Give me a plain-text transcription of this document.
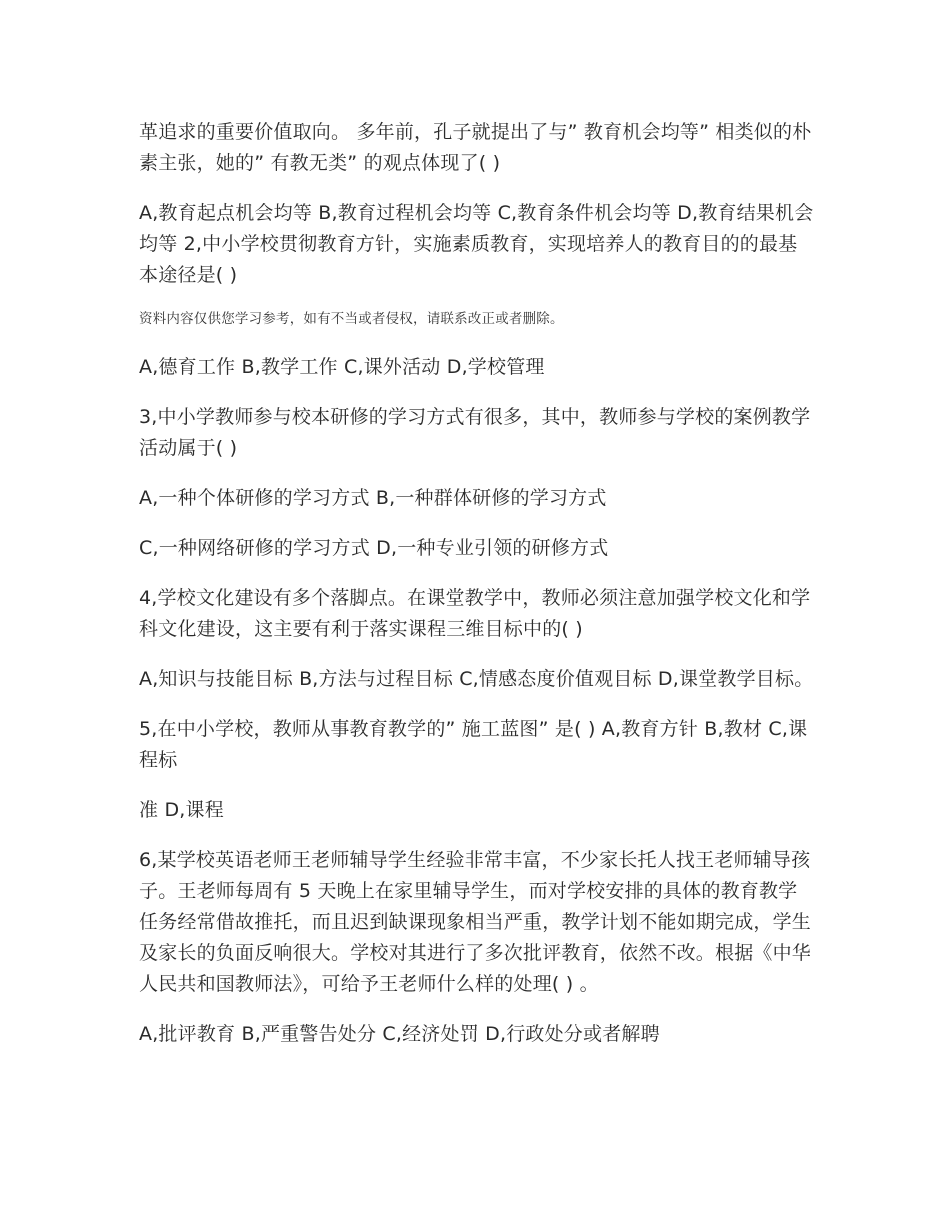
革追求的重要价值取向。 多年前，孔子就提出了与” 教育机会均等” 相类似的朴素主张，她的” 有教无类” 的观点体现了( )

A,教育起点机会均等 B,教育过程机会均等 C,教育条件机会均等 D,教育结果机会均等 2,中小学校贯彻教育方针，实施素质教育，实现培养人的教育目的的最基本途径是( )

资料内容仅供您学习参考，如有不当或者侵权，请联系改正或者删除。

A,德育工作 B,教学工作 C,课外活动 D,学校管理

3,中小学教师参与校本研修的学习方式有很多，其中，教师参与学校的案例教学活动属于( )

A,一种个体研修的学习方式 B,一种群体研修的学习方式

C,一种网络研修的学习方式 D,一种专业引领的研修方式

4,学校文化建设有多个落脚点。在课堂教学中，教师必须注意加强学校文化和学科文化建设，这主要有利于落实课程三维目标中的( )

A,知识与技能目标 B,方法与过程目标 C,情感态度价值观目标 D,课堂教学目标。

5,在中小学校，教师从事教育教学的” 施工蓝图” 是( ) A,教育方针 B,教材 C,课程标

准 D,课程

6,某学校英语老师王老师辅导学生经验非常丰富，不少家长托人找王老师辅导孩子。王老师每周有 5 天晚上在家里辅导学生，而对学校安排的具体的教育教学任务经常借故推托，而且迟到缺课现象相当严重，教学计划不能如期完成，学生及家长的负面反响很大。学校对其进行了多次批评教育，依然不改。根据《中华人民共和国教师法》，可给予王老师什么样的处理( ) 。

A,批评教育 B,严重警告处分 C,经济处罚 D,行政处分或者解聘
